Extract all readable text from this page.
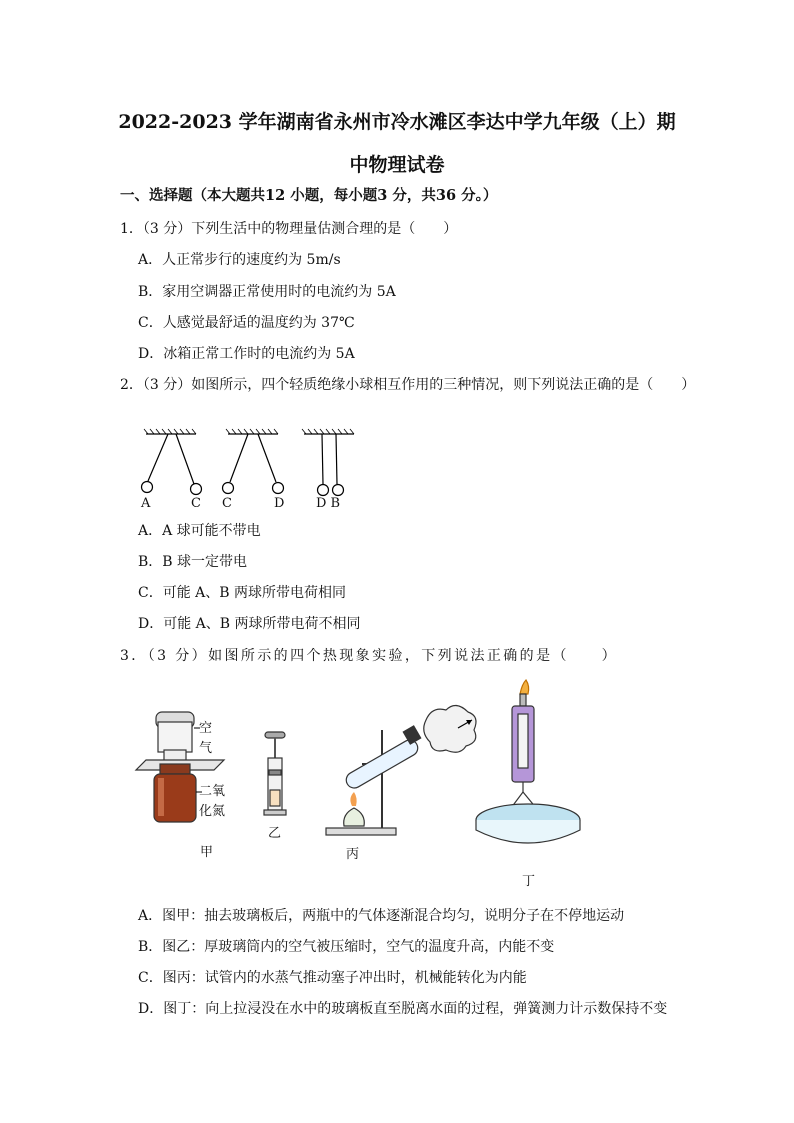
2022-2023 学年湖南省永州市冷水滩区李达中学九年级（上）期
中物理试卷
一、选择题（本大题共12 小题，每小题3 分，共36 分。）
1．（3 分）下列生活中的物理量估测合理的是（　　）
A．人正常步行的速度约为 5m/s
B．家用空调器正常使用时的电流约为 5A
C．人感觉最舒适的温度约为 37℃
D．冰箱正常工作时的电流约为 5A
2．（3 分）如图所示，四个轻质绝缘小球相互作用的三种情况，则下列说法正确的是（　　）
A	C C	D D B
A．A 球可能不带电
B．B 球一定带电
C．可能 A、B 两球所带电荷相同
D．可能 A、B 两球所带电荷不相同
3．（3 分）如图所示的四个热现象实验，下列说法正确的是（　　）
空
气
二氧
化氮
甲
乙
丙
丁
A．图甲：抽去玻璃板后，两瓶中的气体逐渐混合均匀，说明分子在不停地运动
B．图乙：厚玻璃筒内的空气被压缩时，空气的温度升高，内能不变
C．图丙：试管内的水蒸气推动塞子冲出时，机械能转化为内能
D．图丁：向上拉浸没在水中的玻璃板直至脱离水面的过程，弹簧测力计示数保持不变
